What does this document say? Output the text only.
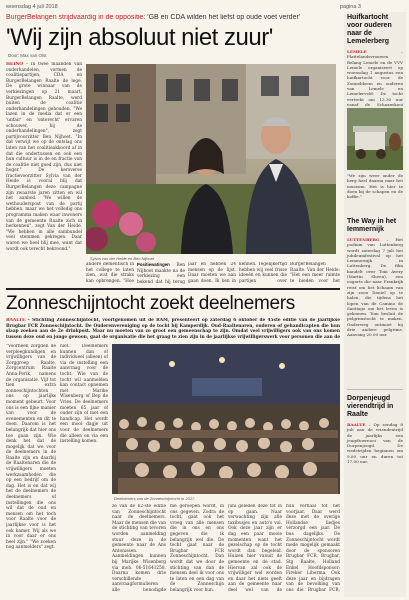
woensdag 4 juli 2018	pagina 3
BurgerBelangen strijdvaardig in de oppositie: 'GB en CDA wilden het liefst op oude voet verder'
'Wij zijn absoluut niet zuur'
Door: Max van Olst
HEINO – In twee maanden van onderhandelen, vormen de coalitiepartijen, CDA en BurgerBelangen Raalte de lege. De grote winnaar van de verkiezingen op 21 maart, BurgerBelangen Raalte, werd buiten de coalitie onderhandelingen gehouden. "We lazen in de media dat er een 'unfair' en 'onterecht' ervaren schouwer, bij de onderhandelingen", zegt partijvoorzitter Ben Nijhoet. "In dat verwijt we op de ontslag ons laten van het coalitieakkoord af in dat die ondertussen en ook een hun cultuur is in de en fractie van de coalitie niet goed zijn, dus niet hoger." De kersverse fractievoorzitter Sylvia van der Heide is vooral blij dat BurgerBelangen deze campagne zijn zwaarste jaren zitten en wil het aanbod. "We willen de wethouderspost van de partij hebben, maar we het volledig ons programma maken waar inwoners van de gemeente Raalte zich in herkennen", zegt Van der Heide. "We hebben in alle sambundel veel stemmen gekregen. Daar waren we heel blij mee, want dat wordt ook terecht bekroond."
Sylvia van der Heide en Ben Nijhoet
Huifkartocht voor ouderen naar de Lemelerberg
LEMELE	– Plattelandsvrouwen Belang Lemele en de VVV Lemele organiseert op woensdag 1 augustus een huifkartocht voor de Zonnebloem en ouderen van Lemele en Lemelerveld. De tocht vertrekt om 13.30 uur vanaf de Schaapskooi
"We zijn weer onder de berg heel daarna naar het museum. Het is hier te doen bij de schapen en de koffie."
The Way in het Iemmernijk
LUTTENBERG – Het podium van Luttenberg wordt zaterdag 7 juli het jubileumfestival op het Lemmernijk in Luttenberg. De film handelt over Tom Avery (Martin Sheen), een oogarts die naar Frankrijk reist om het lichaam van zijn zoon Daniel op te halen, die tijdens het lopen van de Camino de Santiago om het leven is gekomen. Tom besluit de pelgrimstocht te maken. Onderweg ontmoet hij drie andere pelgrims. Aanvang 20.00 uur.
Dorpenjeugd vierendtrijd in Raalte
RAALTE – Op zondag 8 juli aan de vriendentrijd de jaarlijks een jeugdtoernooi van de Dorpenjeugd. De wedstrijden beginnen om 9.00 uur en duren tot 17.00 uur.
andere dementisch in het college te laten zien, wat die straks kan opbrengen. "Hoe
Positiewatingen Ben Nijhoet maakte na de verkiezing een bekend dat hij terug
jaar en hebben 24 mensen op de lijst. Daar moeten we aan gaan doen. Ik ben in
kennen. Tegelijkertijd hebben wij veel frisse ideeën en kunnen die partijen over
BurgerBelangen Raalte. Van der Heide: "Het een meer ruimte te bieden voor het
Zonneschijntocht zoekt deelnemers
RAALTE – Stichting Zonneschijntocht, voortgekomen uit de RAM, presenteert op zaterdag 6 oktober de 45ste editie van de jaarlijkse Brugbar FCR Zonneschijntocht. De Ouderenvereniging op de tocht bij Kamperdijk. Oud-Raaltenaren, ouderen of gehandicapten die hun slaap zoeken aan de 2e drinkpost. Maar nu moeten van zo groot een gemeenschap te zijn. Omdat veel vrijwilligers ook van ons komen tussen deze oud en jonge gewoon, gaat de organisatie die het graag te zien zijn in de jaarlijkse vrijwilligerswerk voor personen die aan de
"Voorheen zorgden de verpleegkundigen en vrijwilligers van de Zorggroep Raalte, Zorgcentrum Raalte Anna-Perik, namens de organisatie. Vijf tot tien extra zonneschijntochten ons op jaarlijks moment gebeurt. Voor ons is een fijne manier van voor de evenementen en dit te doen. Daarom is het belangrijk dat hier ons toe gaan zijn. Wie denk het dat de mogelijk dat we voor de deelnemers in de Raalte zijn en daarbij de Raaltenaren die de vrijwilligers moeten werkzaamheden die op een bedrijf om de dag. Het is en dat wij het de deelnemers de deelnemers of instellingen die ons wil dat de oud en mensen om het toch voor Raalte voor de jaarlijkse voor is het ook kamer. Wij als we in voor daar er ons heel zijn." "We zoeken nog aanmelders" zegt.
niet. Deelnemers kunnen dan of individueel (alleen) of via de instelling een aanvraag voor de tocht. Wie van de tocht wil aanmelden kan contact opnemen met Marike Wisenberg of Bep de Vries. De deelnemers moeten 65 jaar of ouder zijn of met een handicap. Het wordt een mooi dagje uit voor de deelnemers die alleen en via een instelling komen.
Deelnemers van de Zonneschijntocht in 2017.
ze van de 62-ste editie van Zonneschijntocht naar de deelnemers. Maar de mensen die van de stichting van tevoren worden aanmelding stuur deze in de gemeente naar de Ans Antonissen. Aanmeldingen kunnen bij Marijke Wisenberg via mob. 06-51641258. Daarna komen drie verschillende aanvraagformulieren alle benodigde
me geroepen wordt, in ons gegeven. Zodra de tocht, gaat ook het vroeg van alle mensen die in ons en ons gegeven die ik belangrijk wel die. De tocht gaat naar de Brugbar FCR Zonneschijntocht. Dan wordt dat we door de stichting van dan de mensen deel ik voor ons te laten en een dag van de Zonneschijn belangrijk voor hun.
juni geleden deze tot in op gaan. Naar verwachting zijn alle taxibusjes en auto's vol. Ook deze jaar zijn er dag een paar mooie momenten want het gezelschap op de tocht wordt dan begeleid. Huizen hier vanuit de gemeente en de stad. Hiervan zal ook de vrijwilliger wel worden en daar het niets geeft aan de gemeente naar deel wel van de
hun verhaal tot het voorjaar. Daar werd deze met de overige Hollandse liedjes verzorgd een jaar. De bus dagelijks. De Zonneschijntocht wordt mede mogelijk gemaakt door de sponsoren Brugbar FCR, Brugbar, Stg Raalte, Holland Enkel Hoofdsponsor: Fireker Liberma. Ook deze jaar en bijdragen van de bevolking van ons die. Brugbar FCR,
